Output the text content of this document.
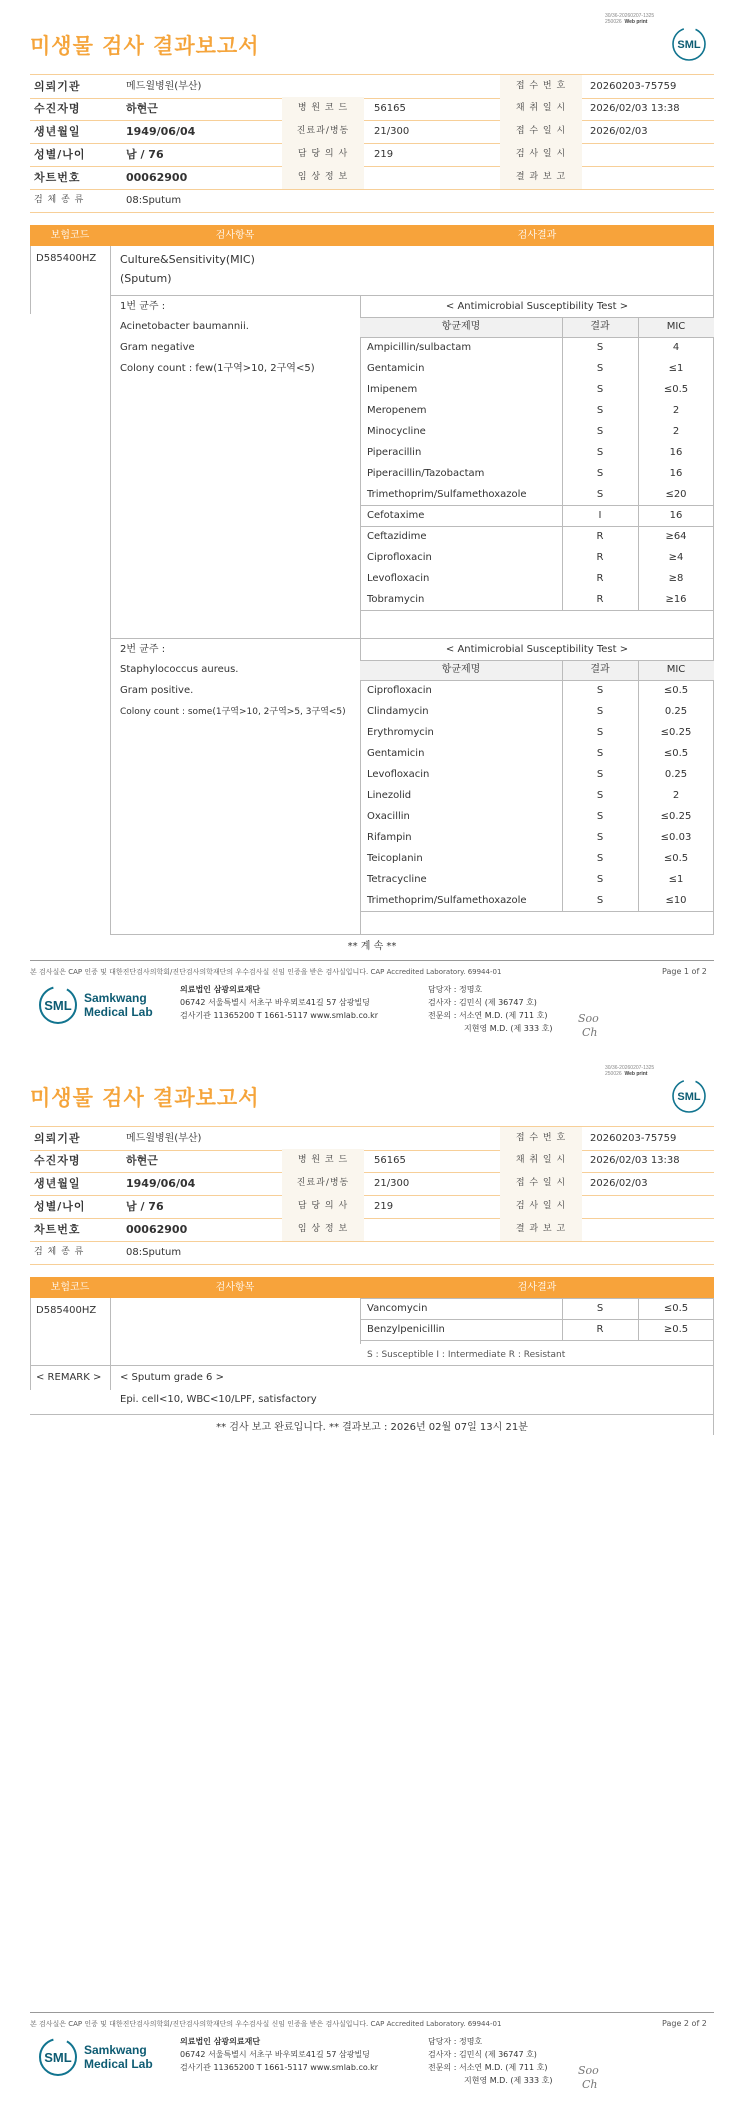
30/36-20260207-1325
250026 Web print
미생물 검사 결과보고서	SML
의뢰기관	메드윌병원(부산)	접 수 번 호	20260203-75759
수진자명	하현근	병 원 코 드	56165	채 취 일 시	2026/02/03 13:38
생년월일	1949/06/04	진료과/병동	21/300	접 수 일 시	2026/02/03
성별/나이	남 / 76	담 당 의 사	219	검 사 일 시
차트번호	00062900	임 상 정 보	결 과 보 고
검 체 종 류	08:Sputum
보험코드	검사항목	검사결과
D585400HZ Culture&Sensitivity(MIC)
(Sputum)
1번 균주 :
Acinetobacter baumannii.
Gram negative
Colony count : few(1구역>10, 2구역<5)
< Antimicrobial Susceptibility Test >
항균제명	결과	MIC
Ampicillin/sulbactam	S	4
Gentamicin	S	≤1
Imipenem	S	≤0.5
Meropenem	S	2
Minocycline	S	2
Piperacillin	S	16
Piperacillin/Tazobactam	S	16
Trimethoprim/Sulfamethoxazole	S	≤20
Cefotaxime	I	16
Ceftazidime	R	≥64
Ciprofloxacin	R	≥4
Levofloxacin	R	≥8
Tobramycin	R	≥16
2번 균주 :
Staphylococcus aureus.
Gram positive.
Colony count : some(1구역>10, 2구역>5, 3구역<5)
< Antimicrobial Susceptibility Test >
항균제명	결과	MIC
Ciprofloxacin	S	≤0.5
Clindamycin	S	0.25
Erythromycin	S	≤0.25
Gentamicin	S	≤0.5
Levofloxacin	S	0.25
Linezolid	S	2
Oxacillin	S	≤0.25
Rifampin	S	≤0.03
Teicoplanin	S	≤0.5
Tetracycline	S	≤1
Trimethoprim/Sulfamethoxazole	S	≤10
** 계 속 **
본 검사실은 CAP 인증 및 대한진단검사의학회/진단검사의학재단의 우수검사실 신임 인증을 받은 검사실입니다. CAP Accredited Laboratory. 69944-01	Page 1 of 2
SML Samkwang
Medical Lab
의료법인 삼광의료재단
06742 서울특별시 서초구 바우뫼로41길 57 삼광빌딩
검사기관 11365200 T 1661-5117 www.smlab.co.kr
담당자 : 정명호
검사자 : 김민식 (제 36747 호)
전문의 : 서소연 M.D. (제 711 호)
지현영 M.D. (제 333 호)
Soo
Ch
30/36-20260207-1325
250026 Web print
미생물 검사 결과보고서	SML
의뢰기관	메드윌병원(부산)	접 수 번 호	20260203-75759
수진자명	하현근	병 원 코 드	56165	채 취 일 시	2026/02/03 13:38
생년월일	1949/06/04	진료과/병동	21/300	접 수 일 시	2026/02/03
성별/나이	남 / 76	담 당 의 사	219	검 사 일 시
차트번호	00062900	임 상 정 보	결 과 보 고
검 체 종 류	08:Sputum
보험코드	검사항목	검사결과
D585400HZ	Vancomycin	S	≤0.5
Benzylpenicillin	R	≥0.5
S : Susceptible I : Intermediate R : Resistant
< REMARK > < Sputum grade 6 >
Epi. cell<10, WBC<10/LPF, satisfactory
** 검사 보고 완료입니다. ** 결과보고 : 2026년 02월 07일 13시 21분
본 검사실은 CAP 인증 및 대한진단검사의학회/진단검사의학재단의 우수검사실 신임 인증을 받은 검사실입니다. CAP Accredited Laboratory. 69944-01	Page 2 of 2
SML Samkwang
Medical Lab
의료법인 삼광의료재단
06742 서울특별시 서초구 바우뫼로41길 57 삼광빌딩
검사기관 11365200 T 1661-5117 www.smlab.co.kr
담당자 : 정명호
검사자 : 김민식 (제 36747 호)
전문의 : 서소연 M.D. (제 711 호)
지현영 M.D. (제 333 호)
Soo
Ch
